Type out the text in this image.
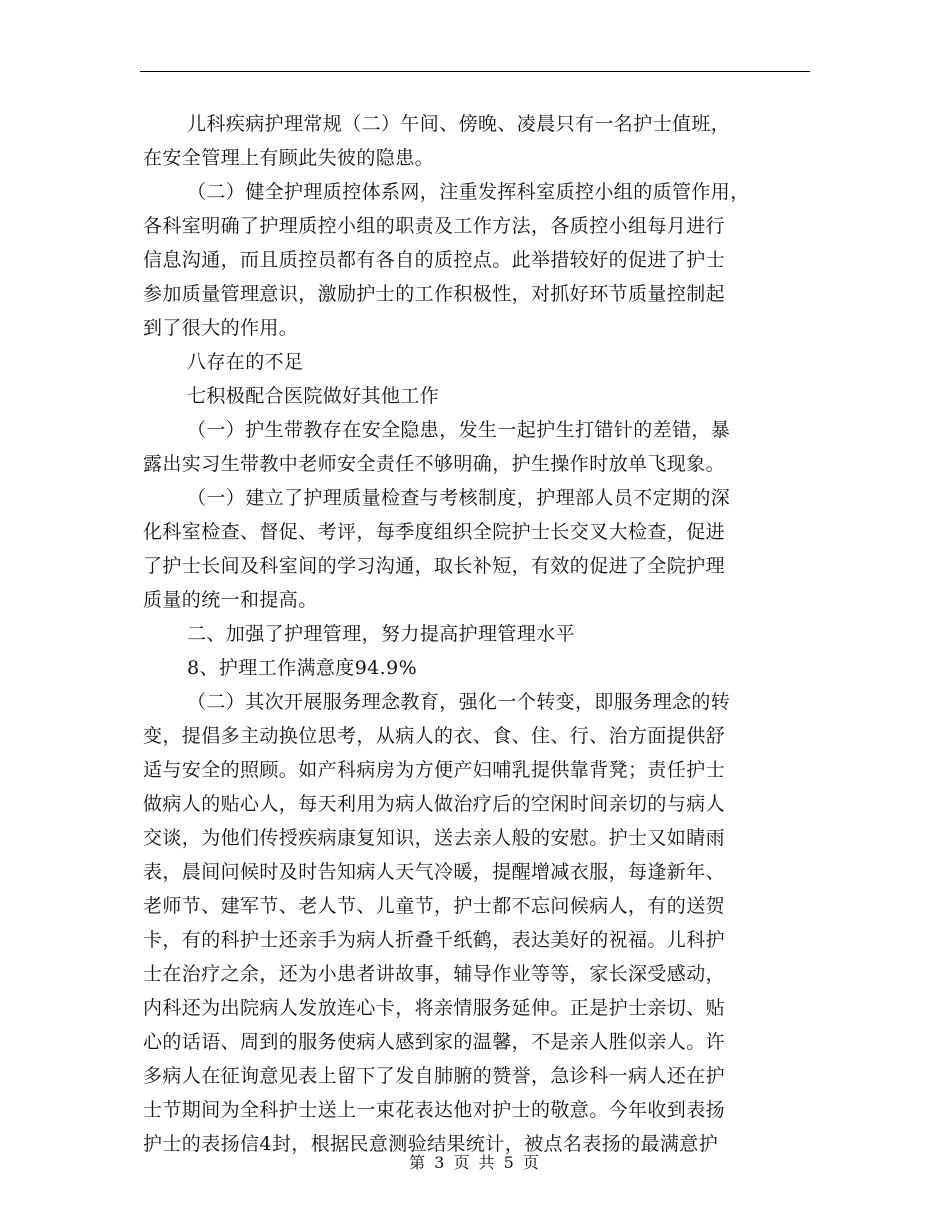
儿科疾病护理常规（二）午间、傍晚、凌晨只有一名护士值班，
在安全管理上有顾此失彼的隐患。
（二）健全护理质控体系网，注重发挥科室质控小组的质管作用，
各科室明确了护理质控小组的职责及工作方法，各质控小组每月进行
信息沟通，而且质控员都有各自的质控点。此举措较好的促进了护士
参加质量管理意识，激励护士的工作积极性，对抓好环节质量控制起
到了很大的作用。
八存在的不足
七积极配合医院做好其他工作
（一）护生带教存在安全隐患，发生一起护生打错针的差错，暴
露出实习生带教中老师安全责任不够明确，护生操作时放单飞现象。
（一）建立了护理质量检查与考核制度，护理部人员不定期的深
化科室检查、督促、考评，每季度组织全院护士长交叉大检查，促进
了护士长间及科室间的学习沟通，取长补短，有效的促进了全院护理
质量的统一和提高。
二、加强了护理管理，努力提高护理管理水平
8、护理工作满意度94.9%
（二）其次开展服务理念教育，强化一个转变，即服务理念的转
变，提倡多主动换位思考，从病人的衣、食、住、行、治方面提供舒
适与安全的照顾。如产科病房为方便产妇哺乳提供靠背凳；责任护士
做病人的贴心人，每天利用为病人做治疗后的空闲时间亲切的与病人
交谈，为他们传授疾病康复知识，送去亲人般的安慰。护士又如睛雨
表，晨间问候时及时告知病人天气冷暖，提醒增减衣服，每逢新年、
老师节、建军节、老人节、儿童节，护士都不忘问候病人，有的送贺
卡，有的科护士还亲手为病人折叠千纸鹤，表达美好的祝福。儿科护
士在治疗之余，还为小患者讲故事，辅导作业等等，家长深受感动，
内科还为出院病人发放连心卡，将亲情服务延伸。正是护士亲切、贴
心的话语、周到的服务使病人感到家的温馨，不是亲人胜似亲人。许
多病人在征询意见表上留下了发自肺腑的赞誉，急诊科一病人还在护
士节期间为全科护士送上一束花表达他对护士的敬意。今年收到表扬
护士的表扬信4封，根据民意测验结果统计，被点名表扬的最满意护
第 3 页 共 5 页
